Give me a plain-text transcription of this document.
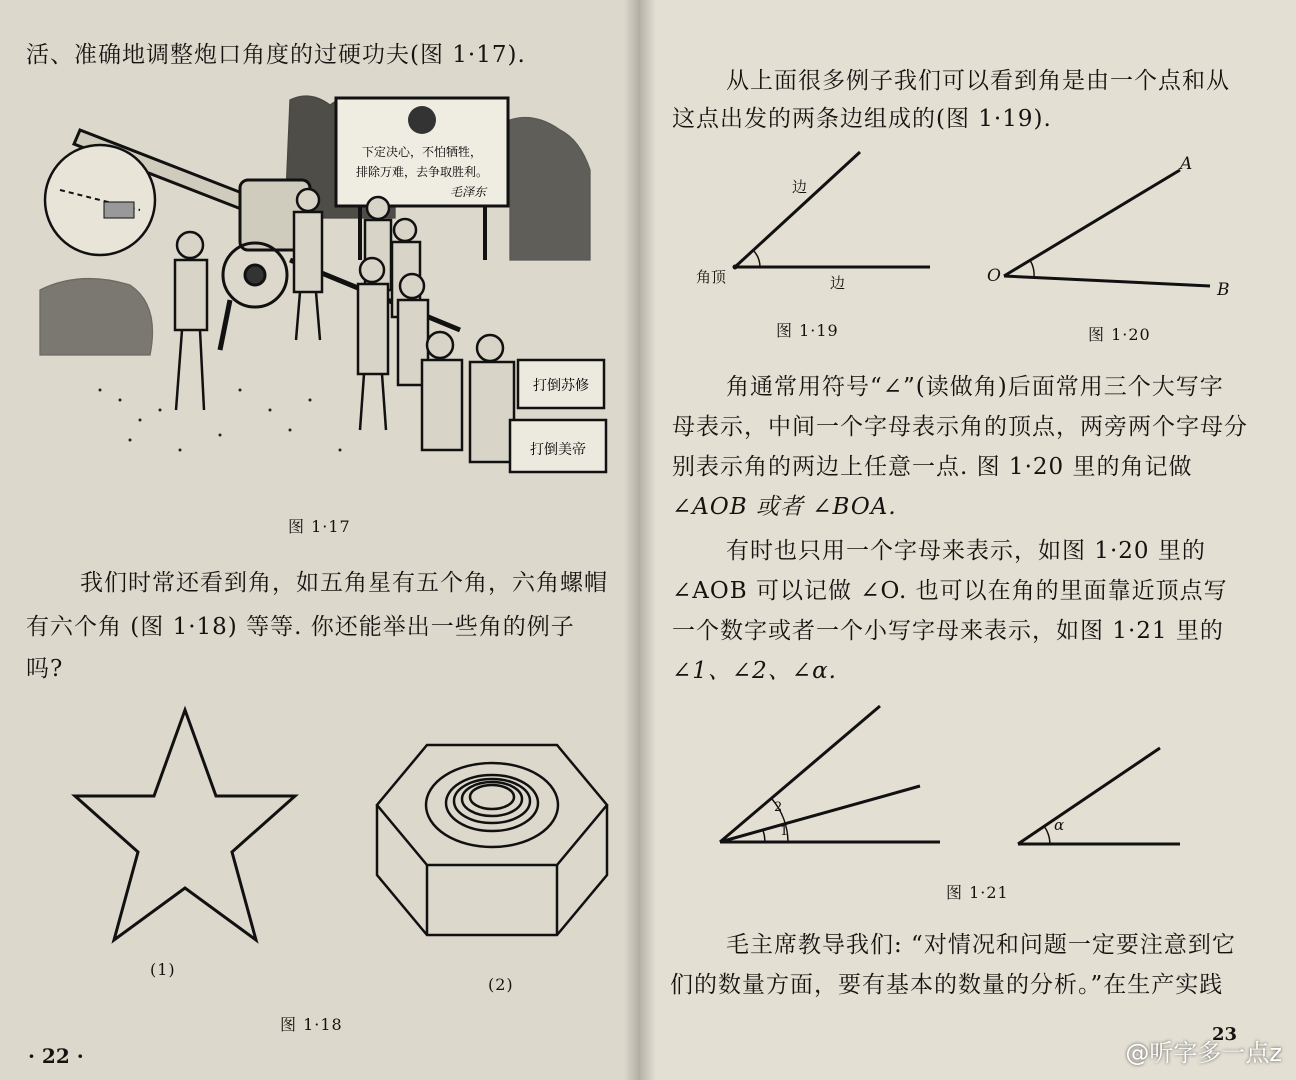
活、准确地调整炮口角度的过硬功夫(图 1·17).
下定决心，不怕牺牲，
排除万难，去争取胜利。
毛泽东
打倒苏修
打倒美帝
图 1·17
我们时常还看到角，如五角星有五个角，六角螺帽
有六个角 (图 1·18) 等等. 你还能举出一些角的例子
吗?
(1)
(2)
图 1·18
· 22 ·
从上面很多例子我们可以看到角是由一个点和从
这点出发的两条边组成的(图 1·19).
边
边
角顶
图 1·19
A
O
B
图 1·20
角通常用符号“∠”(读做角)后面常用三个大写字
母表示，中间一个字母表示角的顶点，两旁两个字母分
别表示角的两边上任意一点. 图 1·20 里的角记做
∠AOB 或者 ∠BOA.
有时也只用一个字母来表示，如图 1·20 里的
∠AOB 可以记做 ∠O. 也可以在角的里面靠近顶点写
一个数字或者一个小写字母来表示，如图 1·21 里的
∠1、∠2、∠α.
2
1	α
图 1·21
毛主席教导我们: “对情况和问题一定要注意到它
们的数量方面，要有基本的数量的分析。”在生产实践
23
@听字多一点z
